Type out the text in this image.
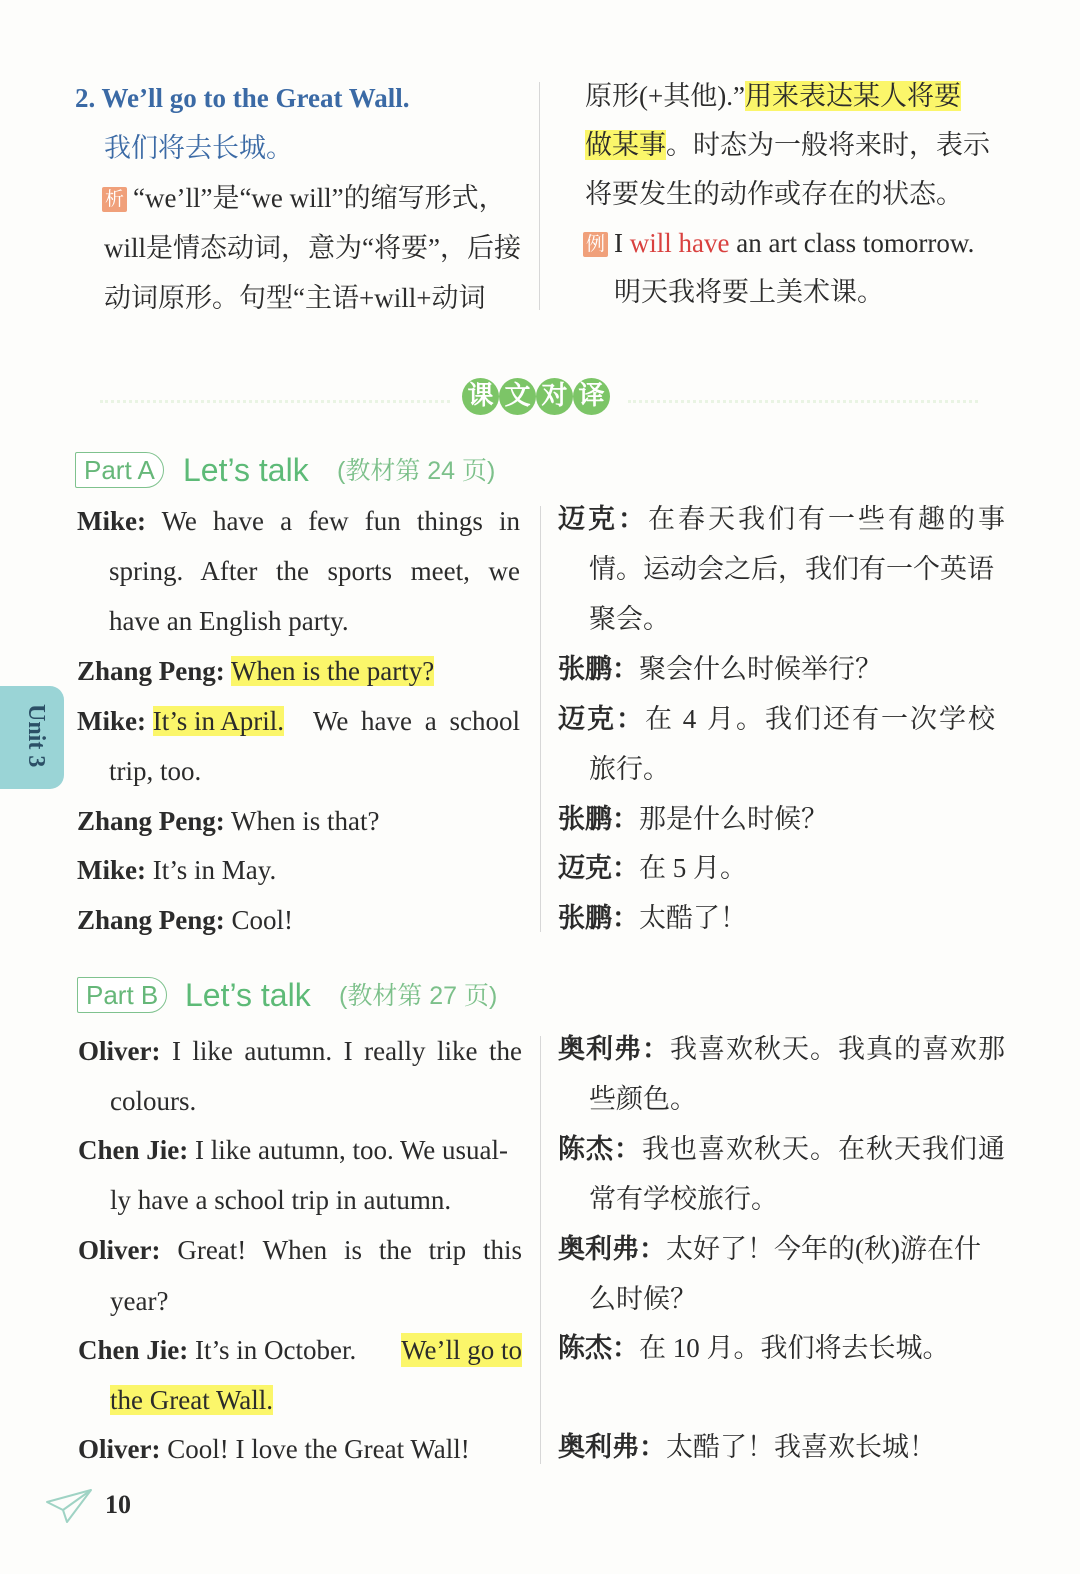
2. We’ll go to the Great Wall.
我们将去长城。
析 “we’ll”是“we will”的缩写形式，
will是情态动词，意为“将要”，后接
动词原形。句型“主语+will+动词
原形(+其他).”用来表达某人将要
做某事。时态为一般将来时，表示
将要发生的动作或存在的状态。
例 I will have an art class tomorrow.
明天我将要上美术课。
课 文 对 译
Part A Let’s talk (教材第 24 页)
Mike: We have a few fun things in
spring. After the sports meet, we
have an English party.
Zhang Peng: When is the party?
Mike: It’s in April. We have a school
trip, too.
Zhang Peng: When is that?
Mike: It’s in May.
Zhang Peng: Cool!
迈克：在春天我们有一些有趣的事
情。运动会之后，我们有一个英语
聚会。
张鹏：聚会什么时候举行？
迈克：在 4 月。我们还有一次学校
旅行。
张鹏：那是什么时候？
迈克：在 5 月。
张鹏：太酷了！
Unit 3
Part B Let’s talk (教材第 27 页)
Oliver: I like autumn. I really like the
colours.
Chen Jie: I like autumn, too. We usual-
ly have a school trip in autumn.
Oliver: Great! When is the trip this
year?
Chen Jie: It’s in October. We’ll go to
the Great Wall.
Oliver: Cool! I love the Great Wall!
奥利弗：我喜欢秋天。我真的喜欢那
些颜色。
陈杰：我也喜欢秋天。在秋天我们通
常有学校旅行。
奥利弗：太好了！今年的(秋)游在什
么时候？
陈杰：在 10 月。我们将去长城。
奥利弗：太酷了！我喜欢长城！
10
